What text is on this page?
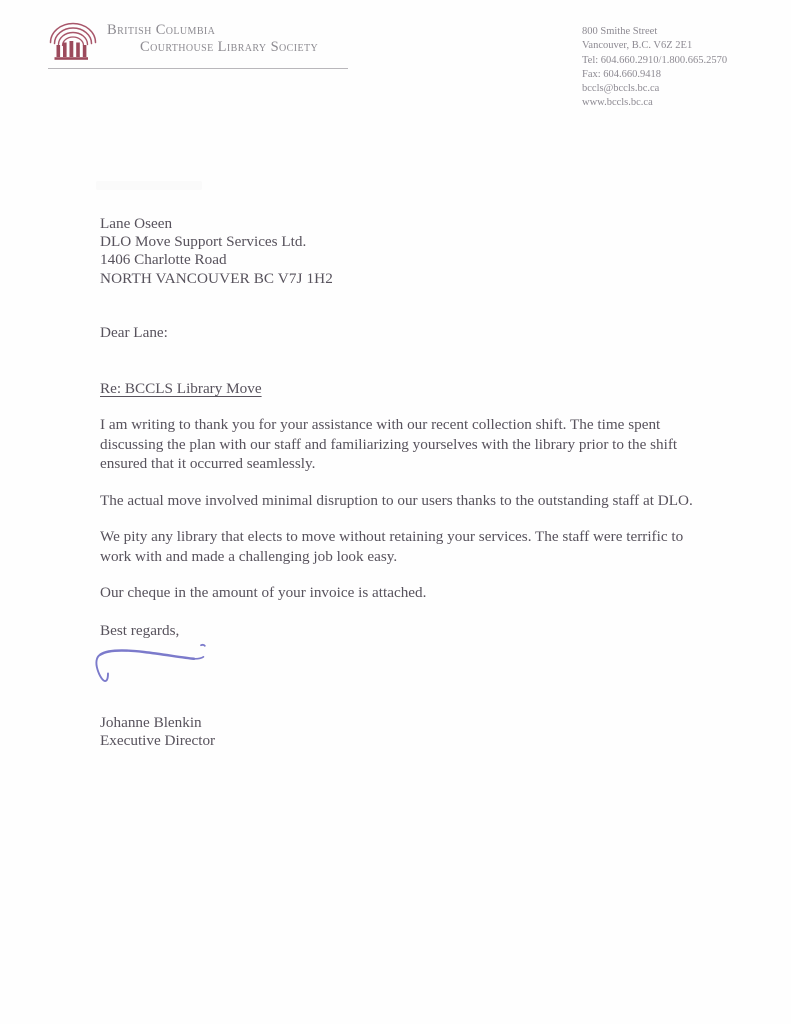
British Columbia
Courthouse Library Society
800 Smithe Street
Vancouver, B.C. V6Z 2E1
Tel: 604.660.2910/1.800.665.2570
Fax: 604.660.9418
bccls@bccls.bc.ca
www.bccls.bc.ca
Lane Oseen
DLO Move Support Services Ltd.
1406 Charlotte Road
NORTH VANCOUVER BC V7J 1H2
Dear Lane:
Re: BCCLS Library Move
I am writing to thank you for your assistance with our recent collection shift. The time spent discussing the plan with our staff and familiarizing yourselves with the library prior to the shift ensured that it occurred seamlessly.
The actual move involved minimal disruption to our users thanks to the outstanding staff at DLO.
We pity any library that elects to move without retaining your services. The staff were terrific to work with and made a challenging job look easy.
Our cheque in the amount of your invoice is attached.
Best regards,
Johanne Blenkin
Executive Director
